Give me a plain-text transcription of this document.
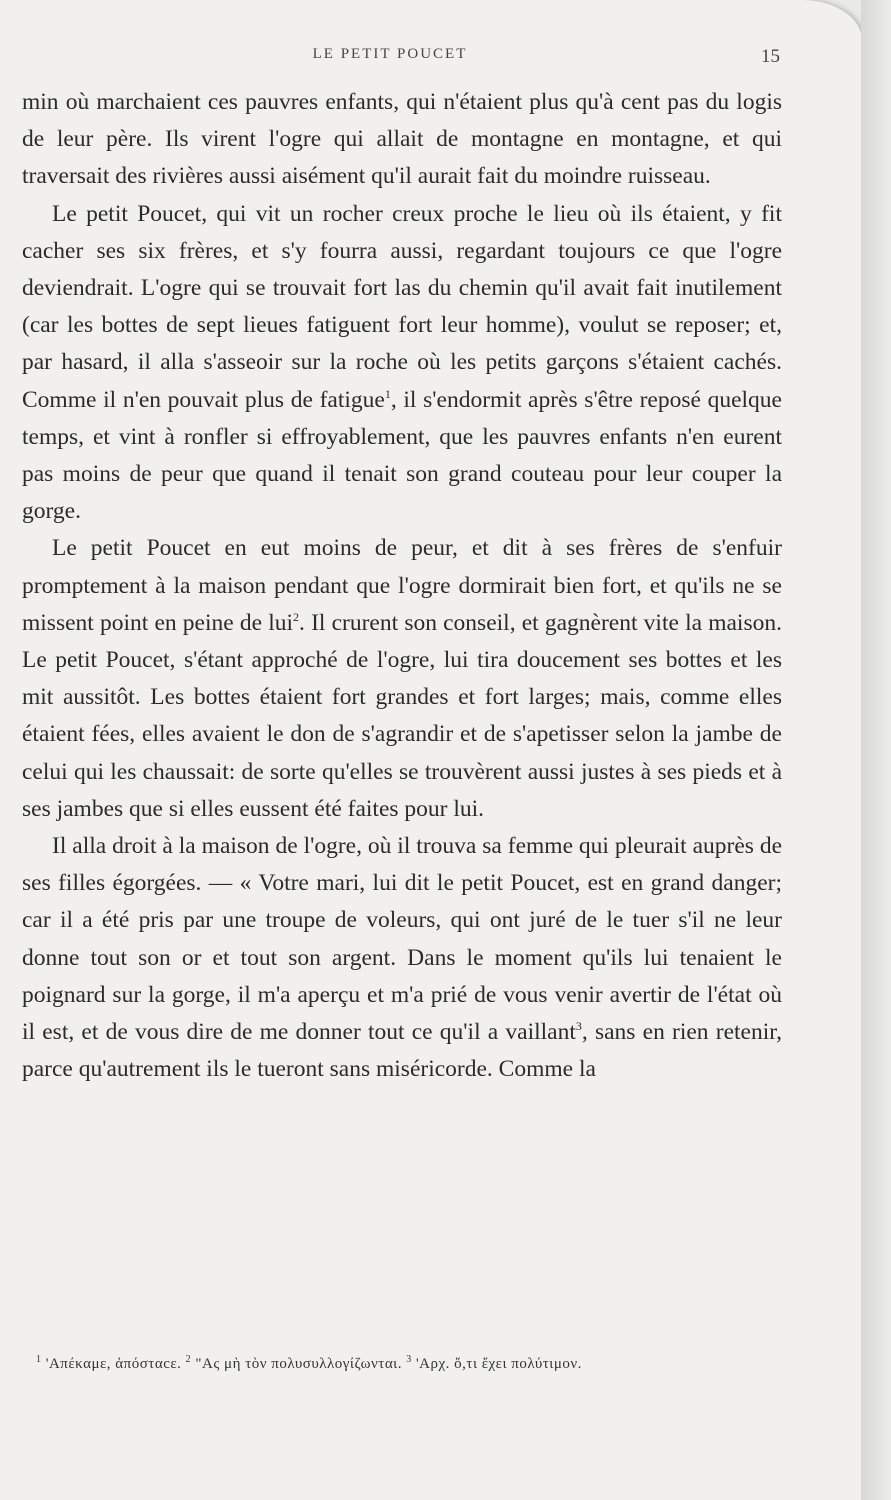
LE PETIT POUCET	15

min où marchaient ces pauvres enfants, qui n'étaient plus qu'à cent pas du logis de leur père. Ils virent l'ogre qui allait de montagne en montagne, et qui traversait des rivières aussi aisément qu'il aurait fait du moindre ruisseau.

Le petit Poucet, qui vit un rocher creux proche le lieu où ils étaient, y fit cacher ses six frères, et s'y fourra aussi, regardant toujours ce que l'ogre deviendrait. L'ogre qui se trouvait fort las du chemin qu'il avait fait inutilement (car les bottes de sept lieues fatiguent fort leur homme), voulut se reposer; et, par hasard, il alla s'asseoir sur la roche où les petits garçons s'étaient cachés. Comme il n'en pouvait plus de fatigue$^1$, il s'endormit après s'être reposé quelque temps, et vint à ronfler si effroyablement, que les pauvres enfants n'en eurent pas moins de peur que quand il tenait son grand couteau pour leur couper la gorge.

Le petit Poucet en eut moins de peur, et dit à ses frères de s'enfuir promptement à la maison pendant que l'ogre dormirait bien fort, et qu'ils ne se missent point en peine de lui$^2$. Il crurent son conseil, et gagnèrent vite la maison. Le petit Poucet, s'étant approché de l'ogre, lui tira doucement ses bottes et les mit aussitôt. Les bottes étaient fort grandes et fort larges; mais, comme elles étaient fées, elles avaient le don de s'agrandir et de s'apetisser selon la jambe de celui qui les chaussait: de sorte qu'elles se trouvèrent aussi justes à ses pieds et à ses jambes que si elles eussent été faites pour lui.

Il alla droit à la maison de l'ogre, où il trouva sa femme qui pleurait auprès de ses filles égorgées. — « Votre mari, lui dit le petit Poucet, est en grand danger; car il a été pris par une troupe de voleurs, qui ont juré de le tuer s'il ne leur donne tout son or et tout son argent. Dans le moment qu'ils lui tenaient le poignard sur la gorge, il m'a aperçu et m'a prié de vous venir avertir de l'état où il est, et de vous dire de me donner tout ce qu'il a vaillant$^3$, sans en rien retenir, parce qu'autrement ils le tueront sans miséricorde. Comme la

$^1$ 'Απέκαμε, ἀπόσταсε. $^2$ "Ας μὴ τὸν πολυσυλλογίζωνται. $^3$ 'Αρχ. ὅ,τι ἔχει πολύτιμον.
